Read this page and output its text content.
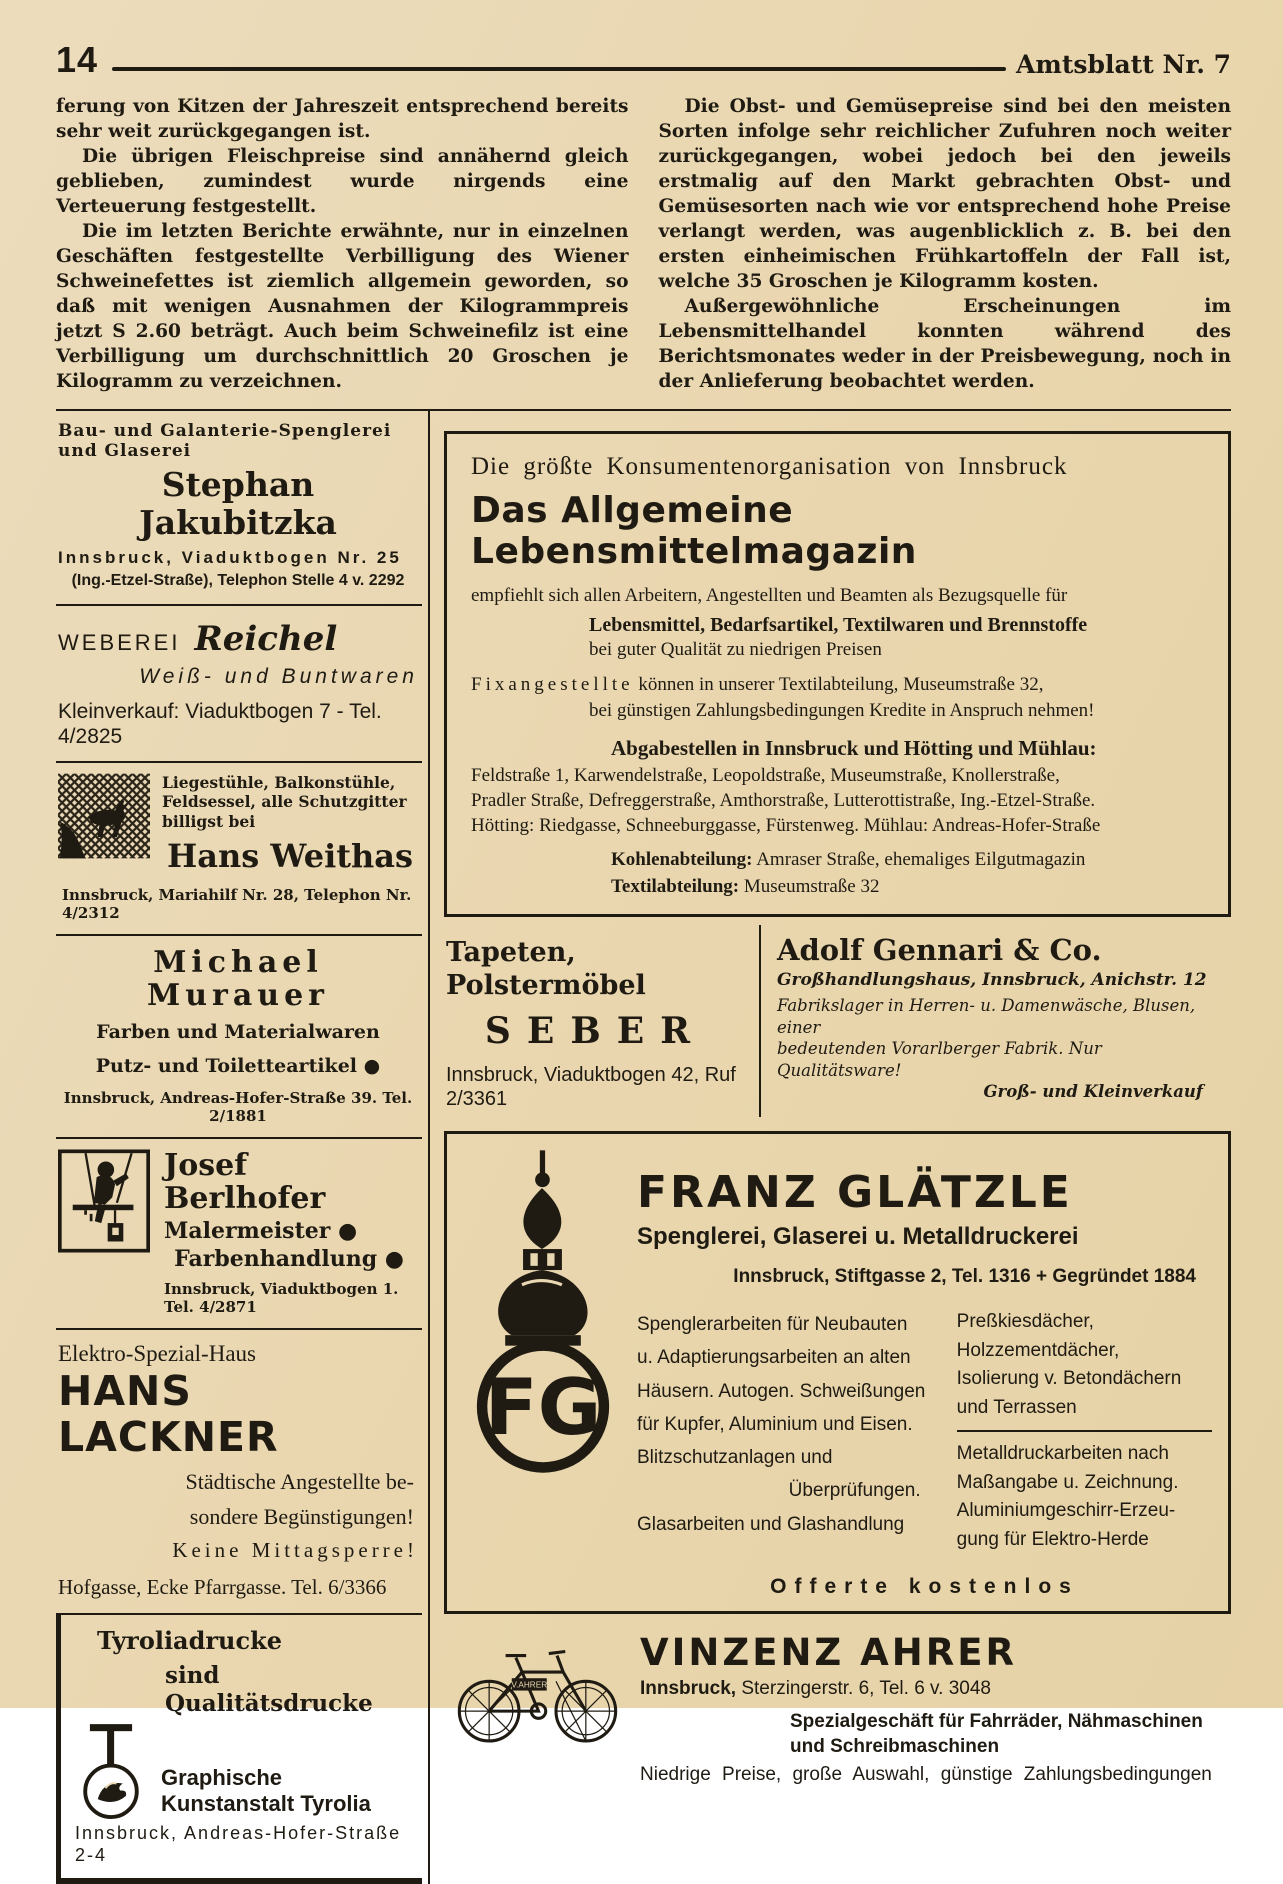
14	Amtsblatt Nr. 7

ferung von Kitzen der Jahreszeit entsprechend bereits sehr weit zurückgegangen ist.

Die übrigen Fleischpreise sind annähernd gleich geblieben, zumindest wurde nirgends eine Verteuerung festgestellt.

Die im letzten Berichte erwähnte, nur in einzelnen Geschäften festgestellte Verbilligung des Wiener Schweinefettes ist ziemlich allgemein geworden, so daß mit wenigen Ausnahmen der Kilogrammpreis jetzt S 2.60 beträgt. Auch beim Schweinefilz ist eine Verbilligung um durchschnittlich 20 Groschen je Kilogramm zu verzeichnen.

Die Obst- und Gemüsepreise sind bei den meisten Sorten infolge sehr reichlicher Zufuhren noch weiter zurückgegangen, wobei jedoch bei den jeweils erstmalig auf den Markt gebrachten Obst- und Gemüsesorten nach wie vor entsprechend hohe Preise verlangt werden, was augenblicklich z. B. bei den ersten einheimischen Frühkartoffeln der Fall ist, welche 35 Groschen je Kilogramm kosten.

Außergewöhnliche Erscheinungen im Lebensmittelhandel konnten während des Berichtsmonates weder in der Preisbewegung, noch in der Anlieferung beobachtet werden.

Bau- und Galanterie-Spenglerei und Glaserei
Stephan Jakubitzka
Innsbruck, Viaduktbogen Nr. 25
(Ing.-Etzel-Straße), Telephon Stelle 4 v. 2292
WEBEREI Reichel
Weiß- und Buntwaren
Kleinverkauf: Viaduktbogen 7 - Tel. 4/2825
Liegestühle, Balkonstühle, Feldsessel, alle Schutzgitter billigst bei
Hans Weithas
Innsbruck, Mariahilf Nr. 28, Telephon Nr. 4/2312
Michael Murauer
Farben und Materialwaren
Putz- und Toiletteartikel ●
Innsbruck, Andreas-Hofer-Straße 39. Tel. 2/1881
Josef Berlhofer
Malermeister ●
Farbenhandlung ●
Innsbruck, Viaduktbogen 1. Tel. 4/2871
Elektro-Spezial-Haus
HANS LACKNER
Städtische Angestellte be-
sondere Begünstigungen!
Keine Mittagsperre!
Hofgasse, Ecke Pfarrgasse. Tel. 6/3366
Tyroliadrucke
sind Qualitätsdrucke
Graphische Kunstanstalt Tyrolia
Innsbruck, Andreas-Hofer-Straße 2-4
Die größte Konsumentenorganisation von Innsbruck
Das Allgemeine Lebensmittelmagazin
empfiehlt sich allen Arbeitern, Angestellten und Beamten als Bezugsquelle für
Lebensmittel, Bedarfsartikel, Textilwaren und Brennstoffe
bei guter Qualität zu niedrigen Preisen
Fixangestellte können in unserer Textilabteilung, Museumstraße 32,
bei günstigen Zahlungsbedingungen Kredite in Anspruch nehmen!
Abgabestellen in Innsbruck und Hötting und Mühlau:
Feldstraße 1, Karwendelstraße, Leopoldstraße, Museumstraße, Knollerstraße,
Pradler Straße, Defreggerstraße, Amthorstraße, Lutterottistraße, Ing.-Etzel-Straße.
Hötting: Riedgasse, Schneeburggasse, Fürstenweg. Mühlau: Andreas-Hofer-Straße
Kohlenabteilung: Amraser Straße, ehemaliges Eilgutmagazin
Textilabteilung: Museumstraße 32
Tapeten, Polstermöbel
SEBER
Innsbruck, Viaduktbogen 42, Ruf 2/3361
Adolf Gennari & Co.
Großhandlungshaus, Innsbruck, Anichstr. 12
Fabrikslager in Herren- u. Damenwäsche, Blusen, einer
bedeutenden Vorarlberger Fabrik. Nur Qualitätsware!
Groß- und Kleinverkauf
FG
FRANZ GLÄTZLE
Spenglerei, Glaserei u. Metalldruckerei
Innsbruck, Stiftgasse 2, Tel. 1316 + Gegründet 1884
Spenglerarbeiten für Neubauten
u. Adaptierungsarbeiten an alten
Häusern. Autogen. Schweißungen
für Kupfer, Aluminium und Eisen.
Blitzschutzanlagen und
Überprüfungen.
Glasarbeiten und Glashandlung
Preßkiesdächer,
Holzzementdächer,
Isolierung v. Betondächern
und Terrassen
Metalldruckarbeiten nach
Maßangabe u. Zeichnung.
Aluminiumgeschirr-Erzeu-
gung für Elektro-Herde
Offerte kostenlos
V.AHRER
VINZENZ AHRER
Innsbruck, Sterzingerstr. 6, Tel. 6 v. 3048
Spezialgeschäft für Fahrräder, Nähmaschinen und Schreibmaschinen
Niedrige Preise, große Auswahl, günstige Zahlungsbedingungen
